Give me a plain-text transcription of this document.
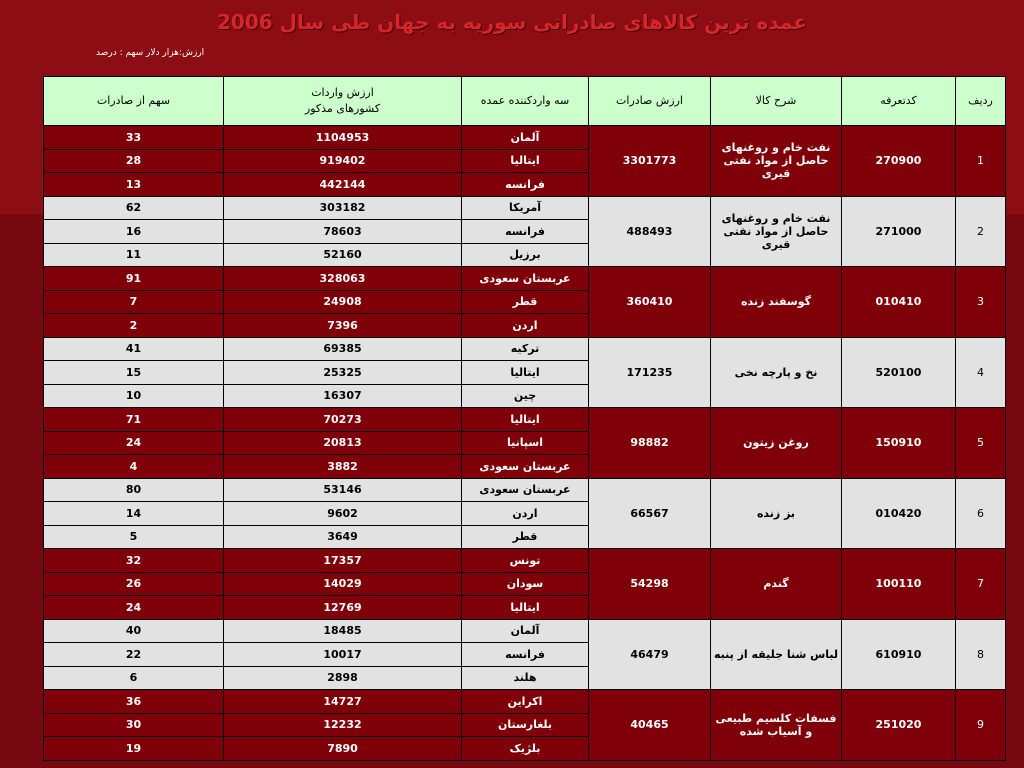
عمده ترین کالاهای صادراتی سوریه به جهان طی سال 2006
ارزش:هزار دلار سهم : درصد
ردیف	کدتعرفه	شرح کالا	ارزش صادرات	سه واردکننده عمده	ارزش واردات
کشورهای مذکور	سهم از صادرات
1	270900	نفت خام و روغنهای حاصل از مواد نفتی قیری	3301773	آلمان	1104953	33
				ایتالیا	919402	28
				فرانسه	442144	13
2	271000	نفت خام و روغنهای حاصل از مواد نفتی قیری	488493	آمریکا	303182	62
				فرانسه	78603	16
				برزیل	52160	11
3	010410	گوسفند زنده	360410	عربستان سعودی	328063	91
				قطر	24908	7
				اردن	7396	2
4	520100	نخ و پارچه نخی	171235	ترکیه	69385	41
				ایتالیا	25325	15
				چین	16307	10
5	150910	روغن زیتون	98882	ایتالیا	70273	71
				اسپانیا	20813	24
				عربستان سعودی	3882	4
6	010420	بز زنده	66567	عربستان سعودی	53146	80
				اردن	9602	14
				قطر	3649	5
7	100110	گندم	54298	تونس	17357	32
				سودان	14029	26
				ایتالیا	12769	24
8	610910	لباس شنا جلیقه از پنبه	46479	آلمان	18485	40
				فرانسه	10017	22
				هلند	2898	6
9	251020	فسفات کلسیم طبیعی و آسیاب شده	40465	اکراین	14727	36
				بلغارستان	12232	30
				بلژیک	7890	19
